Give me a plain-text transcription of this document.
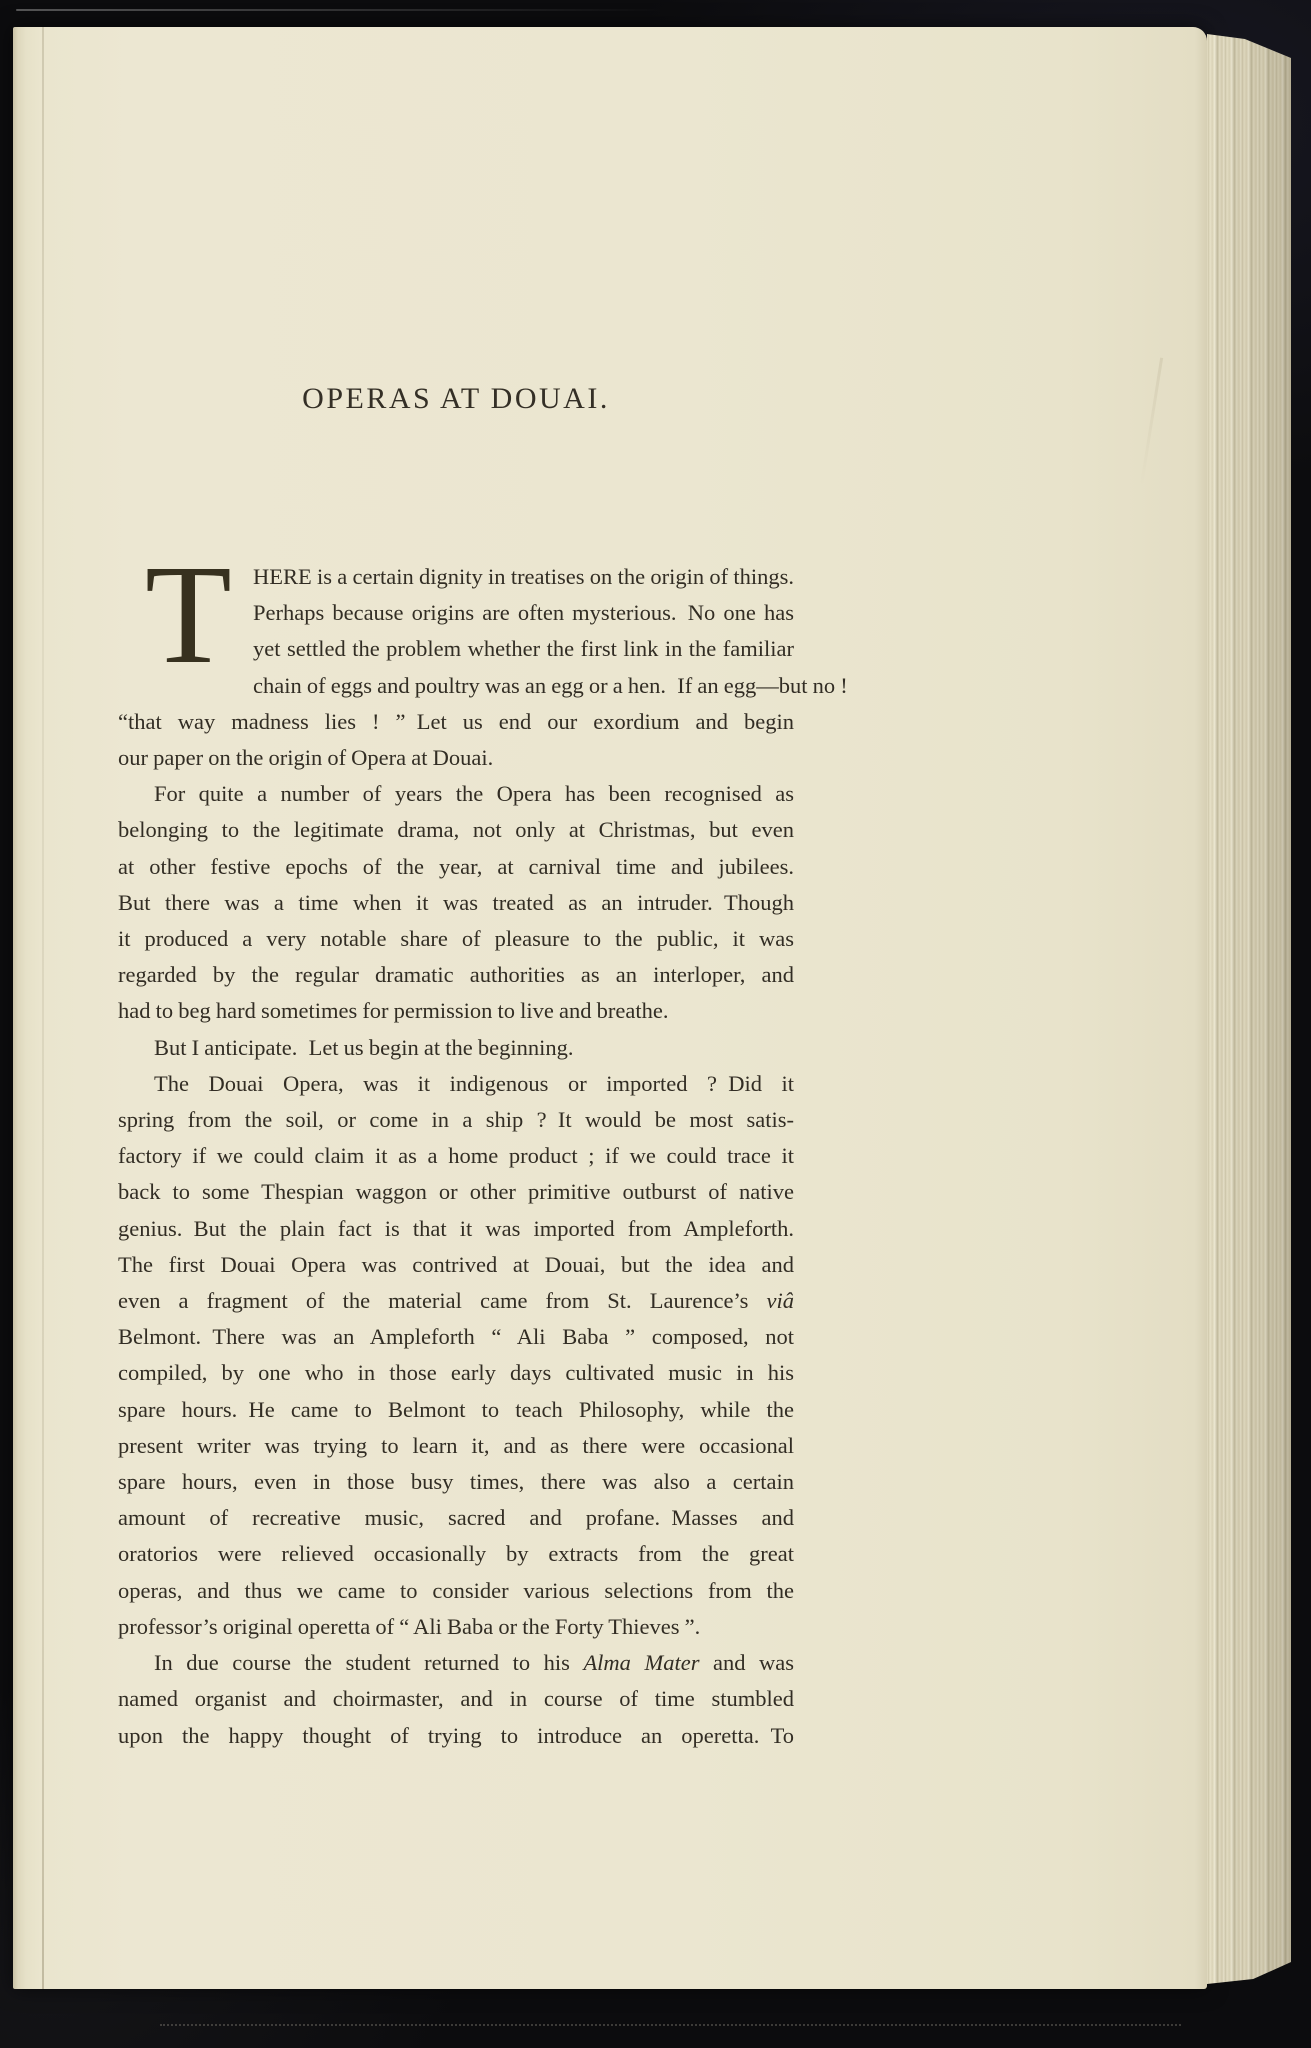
OPERAS AT DOUAI.
T HERE is a certain dignity in treatises on the origin of things.
Perhaps because origins are often mysterious. No one has
yet settled the problem whether the first link in the familiar
chain of eggs and poultry was an egg or a hen. If an egg—but no !
“that way madness lies ! ” Let us end our exordium and begin
our paper on the origin of Opera at Douai.
For quite a number of years the Opera has been recognised as
belonging to the legitimate drama, not only at Christmas, but even
at other festive epochs of the year, at carnival time and jubilees.
But there was a time when it was treated as an intruder. Though
it produced a very notable share of pleasure to the public, it was
regarded by the regular dramatic authorities as an interloper, and
had to beg hard sometimes for permission to live and breathe.
But I anticipate. Let us begin at the beginning.
The Douai Opera, was it indigenous or imported ? Did it
spring from the soil, or come in a ship ? It would be most satis-
factory if we could claim it as a home product ; if we could trace it
back to some Thespian waggon or other primitive outburst of native
genius. But the plain fact is that it was imported from Ampleforth.
The first Douai Opera was contrived at Douai, but the idea and
even a fragment of the material came from St. Laurence’s viâ
Belmont. There was an Ampleforth “ Ali Baba ” composed, not
compiled, by one who in those early days cultivated music in his
spare hours. He came to Belmont to teach Philosophy, while the
present writer was trying to learn it, and as there were occasional
spare hours, even in those busy times, there was also a certain
amount of recreative music, sacred and profane. Masses and
oratorios were relieved occasionally by extracts from the great
operas, and thus we came to consider various selections from the
professor’s original operetta of “ Ali Baba or the Forty Thieves ”.
In due course the student returned to his Alma Mater and was
named organist and choirmaster, and in course of time stumbled
upon the happy thought of trying to introduce an operetta. To
